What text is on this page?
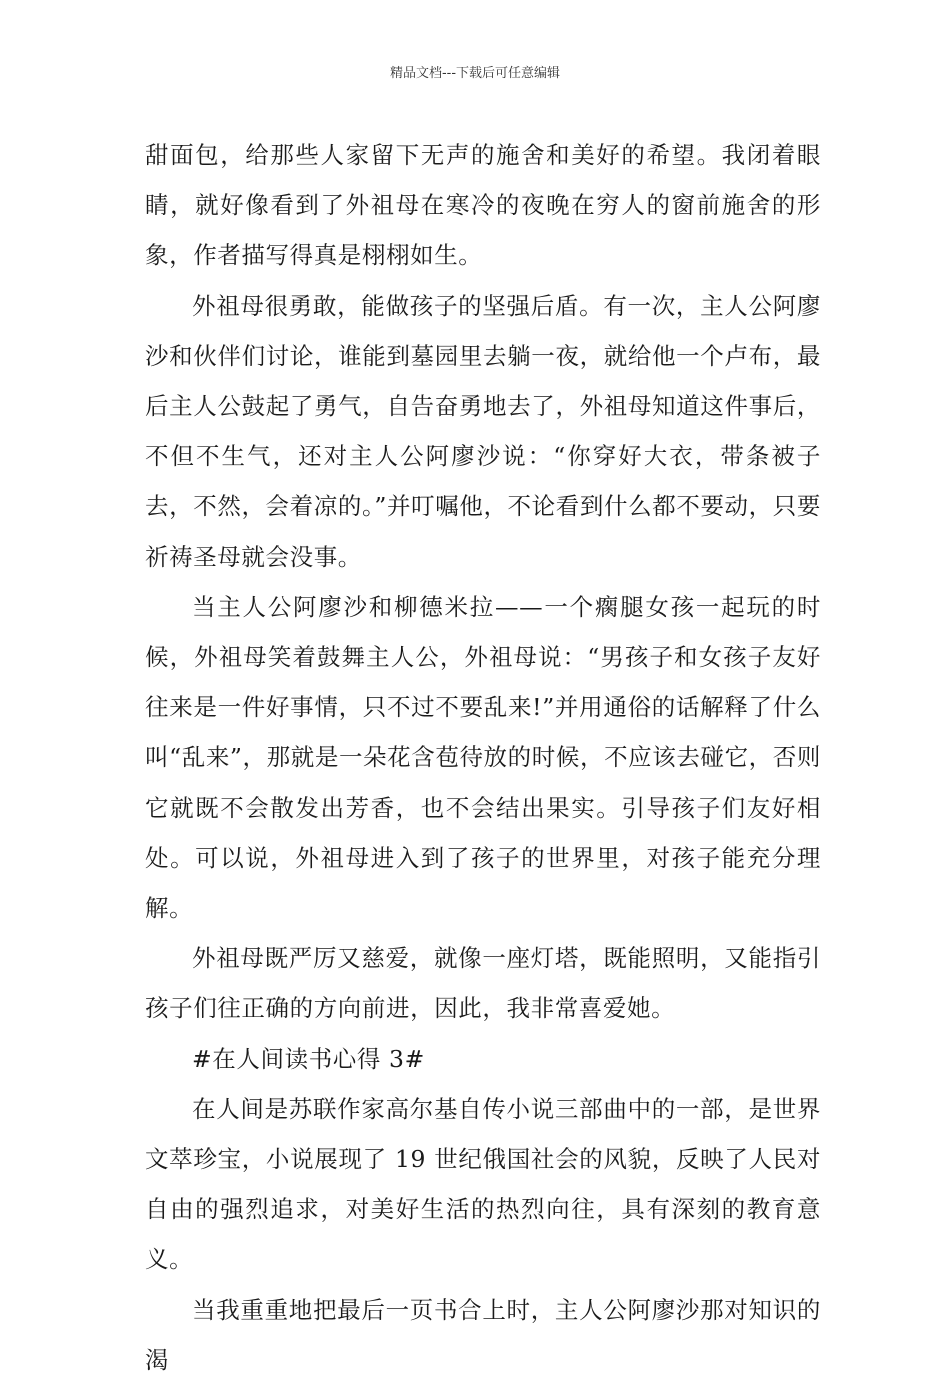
精品文档---下载后可任意编辑

甜面包，给那些人家留下无声的施舍和美好的希望。我闭着眼睛，就好像看到了外祖母在寒冷的夜晚在穷人的窗前施舍的形象，作者描写得真是栩栩如生。

外祖母很勇敢，能做孩子的坚强后盾。有一次，主人公阿廖沙和伙伴们讨论，谁能到墓园里去躺一夜，就给他一个卢布，最后主人公鼓起了勇气，自告奋勇地去了，外祖母知道这件事后，不但不生气，还对主人公阿廖沙说：“你穿好大衣，带条被子去，不然，会着凉的。”并叮嘱他，不论看到什么都不要动，只要祈祷圣母就会没事。

当主人公阿廖沙和柳德米拉——一个瘸腿女孩一起玩的时候，外祖母笑着鼓舞主人公，外祖母说：“男孩子和女孩子友好往来是一件好事情，只不过不要乱来!”并用通俗的话解释了什么叫“乱来”，那就是一朵花含苞待放的时候，不应该去碰它，否则它就既不会散发出芳香，也不会结出果实。引导孩子们友好相处。可以说，外祖母进入到了孩子的世界里，对孩子能充分理解。

外祖母既严厉又慈爱，就像一座灯塔，既能照明，又能指引孩子们往正确的方向前进，因此，我非常喜爱她。

#在人间读书心得 3#

在人间是苏联作家高尔基自传小说三部曲中的一部，是世界文萃珍宝，小说展现了 19 世纪俄国社会的风貌，反映了人民对自由的强烈追求，对美好生活的热烈向往，具有深刻的教育意义。

当我重重地把最后一页书合上时，主人公阿廖沙那对知识的渴
